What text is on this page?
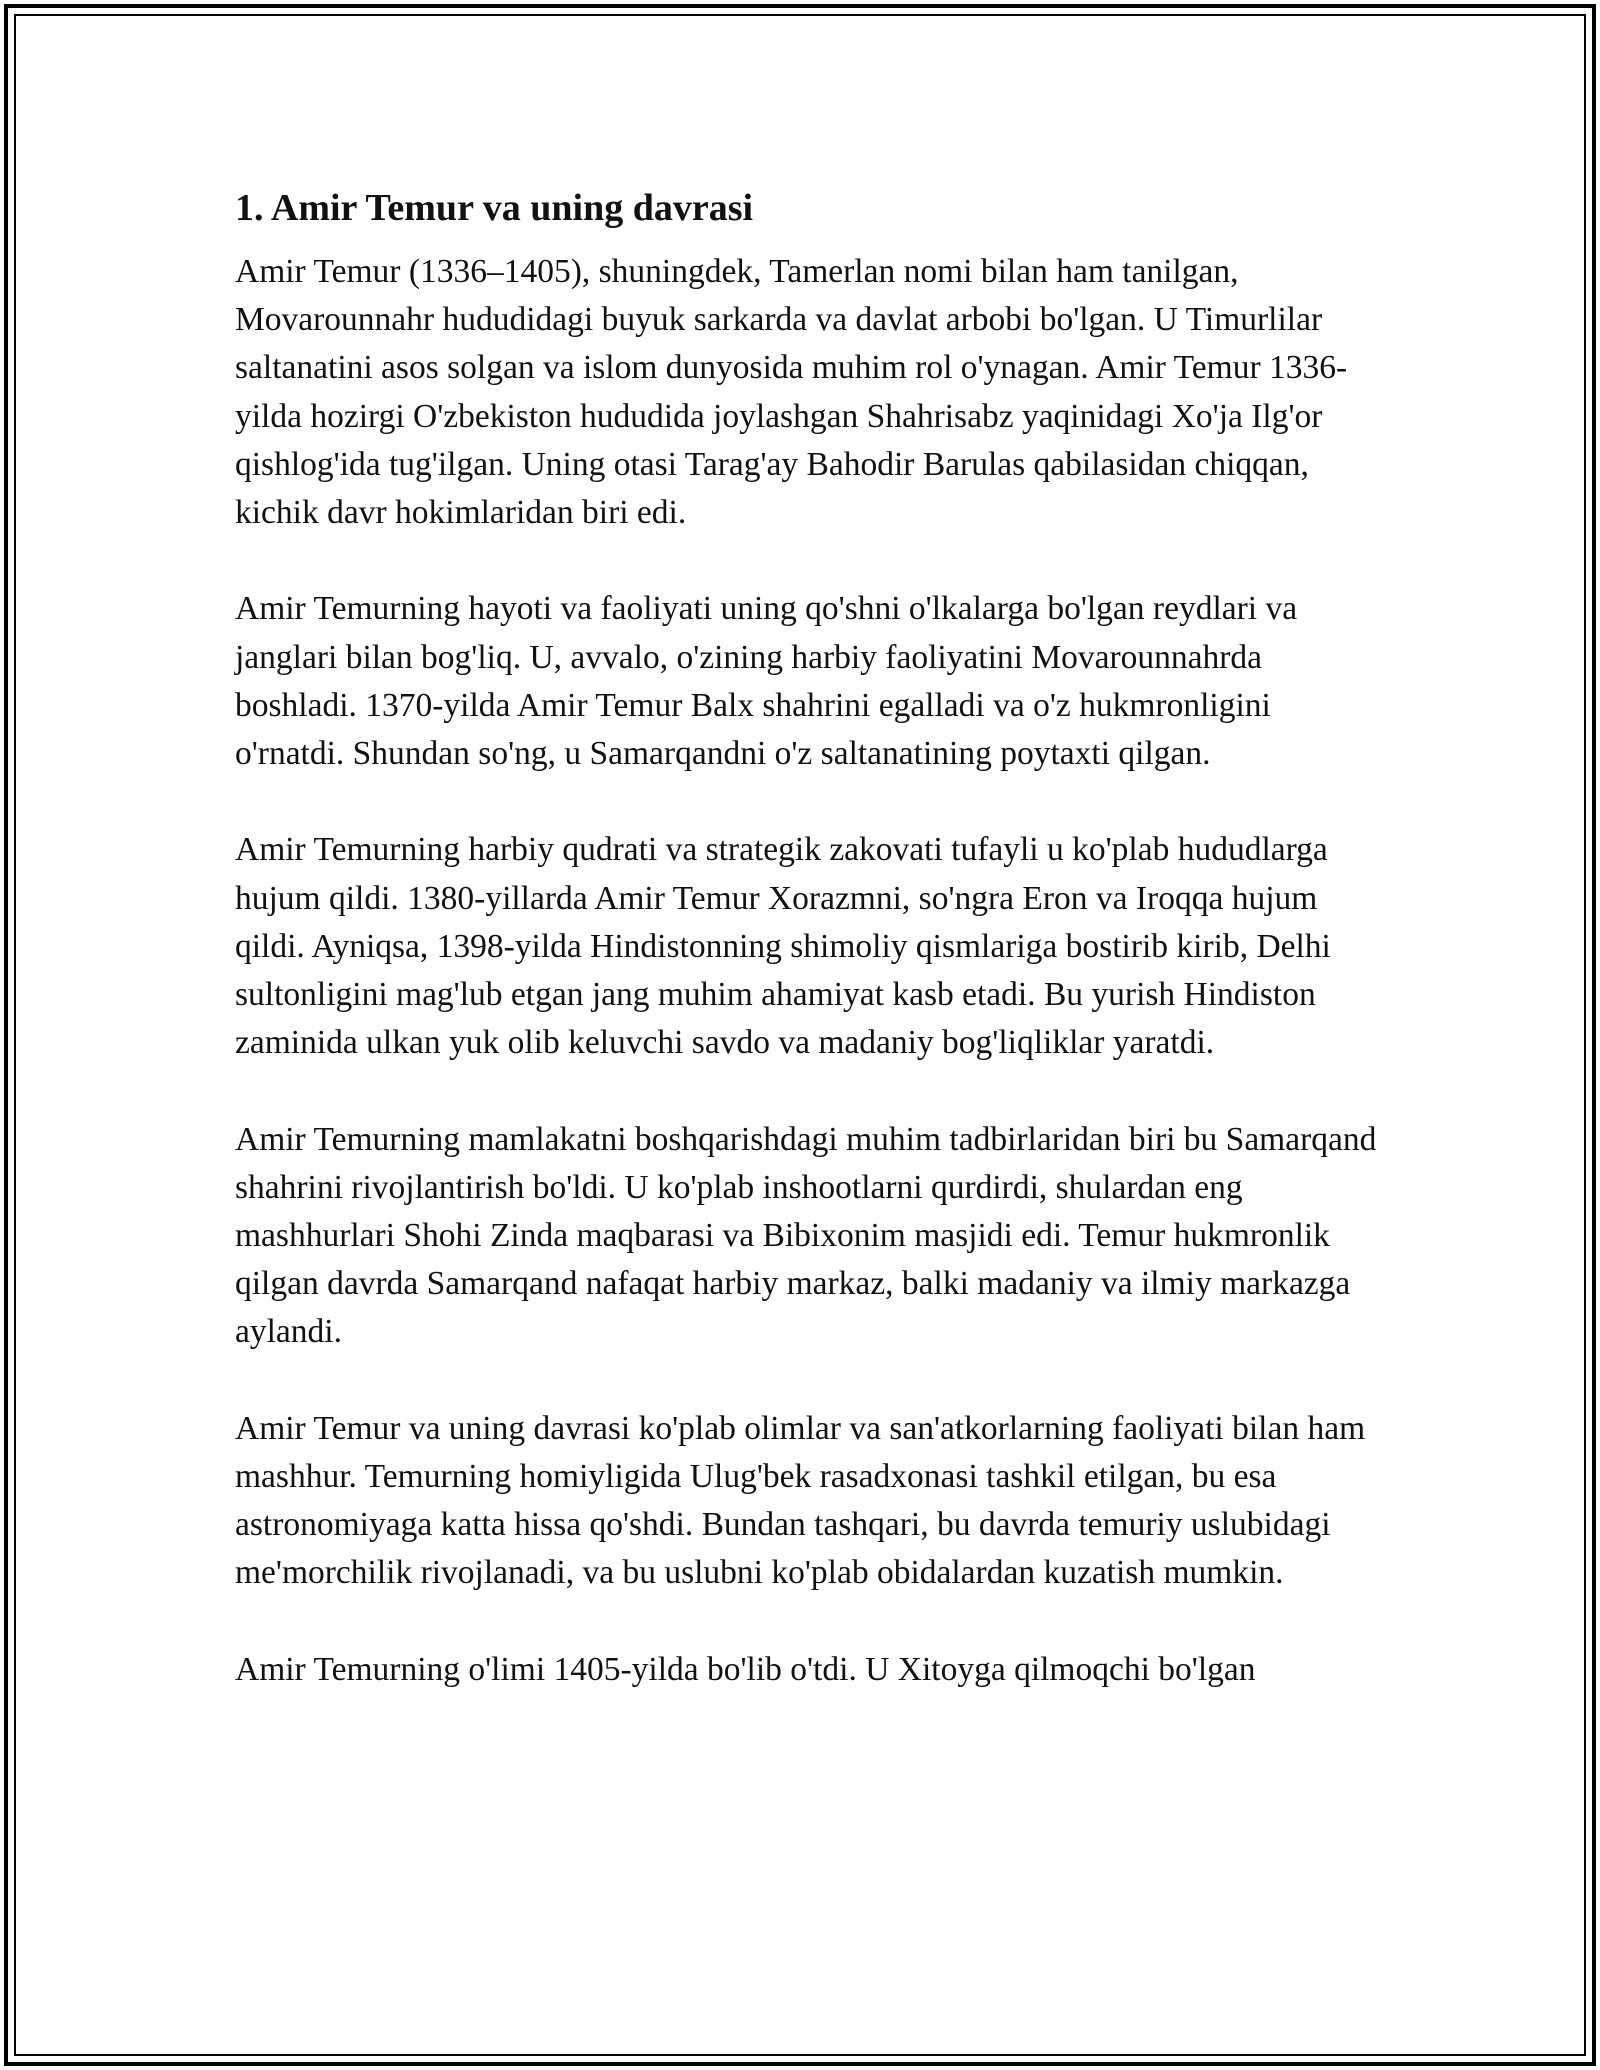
1. Amir Temur va uning davrasi

Amir Temur (1336–1405), shuningdek, Tamerlan nomi bilan ham tanilgan, Movarounnahr hududidagi buyuk sarkarda va davlat arbobi bo'lgan. U Timurlilar saltanatini asos solgan va islom dunyosida muhim rol o'ynagan. Amir Temur 1336-yilda hozirgi O'zbekiston hududida joylashgan Shahrisabz yaqinidagi Xo'ja Ilg'or qishlog'ida tug'ilgan. Uning otasi Tarag'ay Bahodir Barulas qabilasidan chiqqan, kichik davr hokimlaridan biri edi.

Amir Temurning hayoti va faoliyati uning qo'shni o'lkalarga bo'lgan reydlari va janglari bilan bog'liq. U, avvalo, o'zining harbiy faoliyatini Movarounnahrda boshladi. 1370-yilda Amir Temur Balx shahrini egalladi va o'z hukmronligini o'rnatdi. Shundan so'ng, u Samarqandni o'z saltanatining poytaxti qilgan.

Amir Temurning harbiy qudrati va strategik zakovati tufayli u ko'plab hududlarga hujum qildi. 1380-yillarda Amir Temur Xorazmni, so'ngra Eron va Iroqqa hujum qildi. Ayniqsa, 1398-yilda Hindistonning shimoliy qismlariga bostirib kirib, Delhi sultonligini mag'lub etgan jang muhim ahamiyat kasb etadi. Bu yurish Hindiston zaminida ulkan yuk olib keluvchi savdo va madaniy bog'liqliklar yaratdi.

Amir Temurning mamlakatni boshqarishdagi muhim tadbirlaridan biri bu Samarqand shahrini rivojlantirish bo'ldi. U ko'plab inshootlarni qurdirdi, shulardan eng mashhurlari Shohi Zinda maqbarasi va Bibixonim masjidi edi. Temur hukmronlik qilgan davrda Samarqand nafaqat harbiy markaz, balki madaniy va ilmiy markazga aylandi.

Amir Temur va uning davrasi ko'plab olimlar va san'atkorlarning faoliyati bilan ham mashhur. Temurning homiyligida Ulug'bek rasadxonasi tashkil etilgan, bu esa astronomiyaga katta hissa qo'shdi. Bundan tashqari, bu davrda temuriy uslubidagi me'morchilik rivojlanadi, va bu uslubni ko'plab obidalardan kuzatish mumkin.

Amir Temurning o'limi 1405-yilda bo'lib o'tdi. U Xitoyga qilmoqchi bo'lgan
